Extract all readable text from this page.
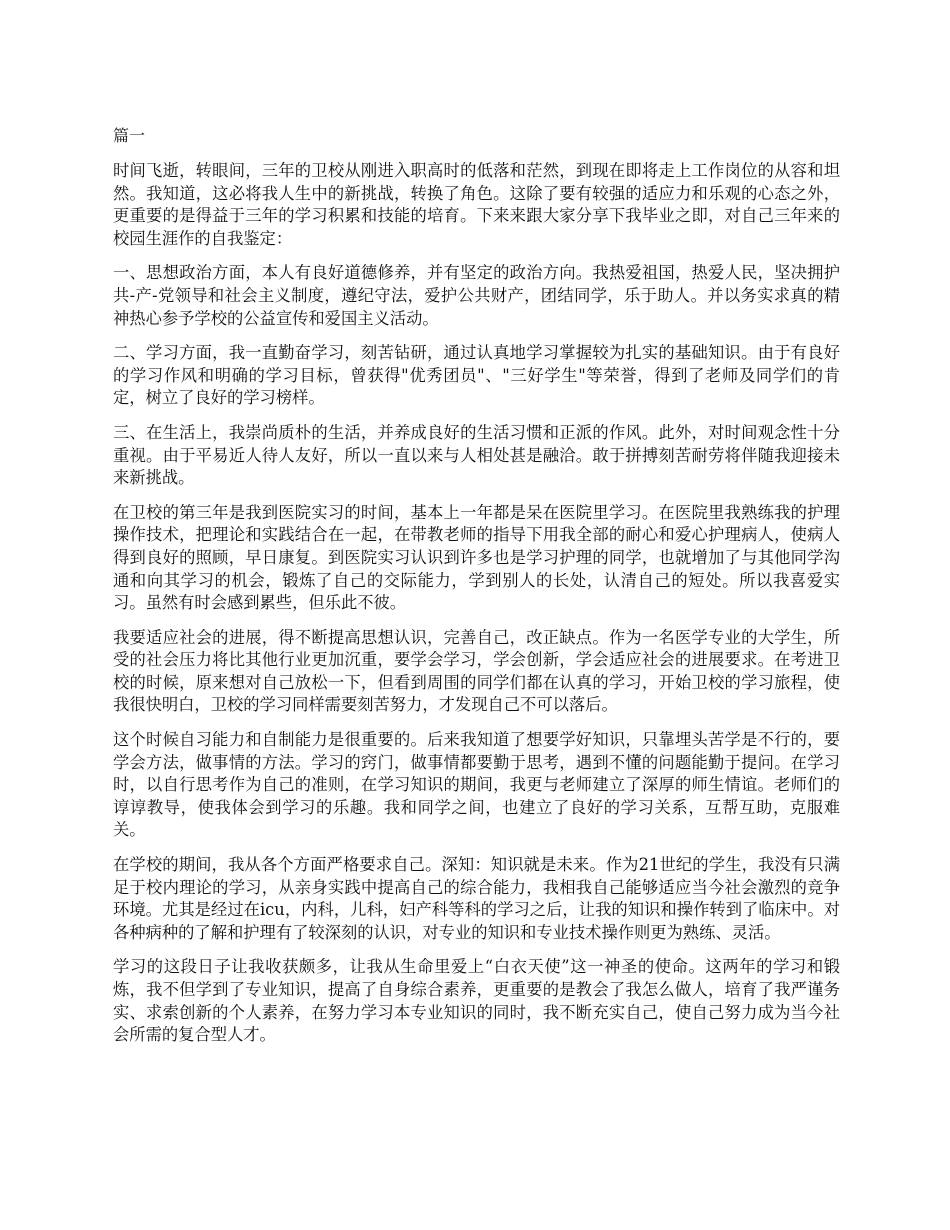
篇一

时间飞逝，转眼间，三年的卫校从刚进入职高时的低落和茫然，到现在即将走上工作岗位的从容和坦然。我知道，这必将我人生中的新挑战，转换了角色。这除了要有较强的适应力和乐观的心态之外，更重要的是得益于三年的学习积累和技能的培育。下来来跟大家分享下我毕业之即，对自己三年来的校园生涯作的自我鉴定：

一、思想政治方面，本人有良好道德修养，并有坚定的政治方向。我热爱祖国，热爱人民，坚决拥护共-产-党领导和社会主义制度，遵纪守法，爱护公共财产，团结同学，乐于助人。并以务实求真的精神热心参予学校的公益宣传和爱国主义活动。

二、学习方面，我一直勤奋学习，刻苦钻研，通过认真地学习掌握较为扎实的基础知识。由于有良好的学习作风和明确的学习目标，曾获得"优秀团员"、"三好学生"等荣誉，得到了老师及同学们的肯定，树立了良好的学习榜样。

三、在生活上，我崇尚质朴的生活，并养成良好的生活习惯和正派的作风。此外，对时间观念性十分重视。由于平易近人待人友好，所以一直以来与人相处甚是融洽。敢于拼搏刻苦耐劳将伴随我迎接未来新挑战。

在卫校的第三年是我到医院实习的时间，基本上一年都是呆在医院里学习。在医院里我熟练我的护理操作技术，把理论和实践结合在一起，在带教老师的指导下用我全部的耐心和爱心护理病人，使病人得到良好的照顾，早日康复。到医院实习认识到许多也是学习护理的同学，也就增加了与其他同学沟通和向其学习的机会，锻炼了自己的交际能力，学到别人的长处，认清自己的短处。所以我喜爱实习。虽然有时会感到累些，但乐此不彼。

我要适应社会的进展，得不断提高思想认识，完善自己，改正缺点。作为一名医学专业的大学生，所受的社会压力将比其他行业更加沉重，要学会学习，学会创新，学会适应社会的进展要求。在考进卫校的时候，原来想对自己放松一下，但看到周围的同学们都在认真的学习，开始卫校的学习旅程，使我很快明白，卫校的学习同样需要刻苦努力，才发现自己不可以落后。

这个时候自习能力和自制能力是很重要的。后来我知道了想要学好知识，只靠埋头苦学是不行的，要学会方法，做事情的方法。学习的窍门，做事情都要勤于思考，遇到不懂的问题能勤于提问。在学习时，以自行思考作为自己的准则，在学习知识的期间，我更与老师建立了深厚的师生情谊。老师们的谆谆教导，使我体会到学习的乐趣。我和同学之间，也建立了良好的学习关系，互帮互助，克服难关。

在学校的期间，我从各个方面严格要求自己。深知：知识就是未来。作为21世纪的学生，我没有只满足于校内理论的学习，从亲身实践中提高自己的综合能力，我相我自己能够适应当今社会激烈的竞争环境。尤其是经过在icu，内科，儿科，妇产科等科的学习之后，让我的知识和操作转到了临床中。对各种病种的了解和护理有了较深刻的认识，对专业的知识和专业技术操作则更为熟练、灵活。

学习的这段日子让我收获颇多，让我从生命里爱上“白衣天使”这一神圣的使命。这两年的学习和锻炼，我不但学到了专业知识，提高了自身综合素养，更重要的是教会了我怎么做人，培育了我严谨务实、求索创新的个人素养，在努力学习本专业知识的同时，我不断充实自己，使自己努力成为当今社会所需的复合型人才。
